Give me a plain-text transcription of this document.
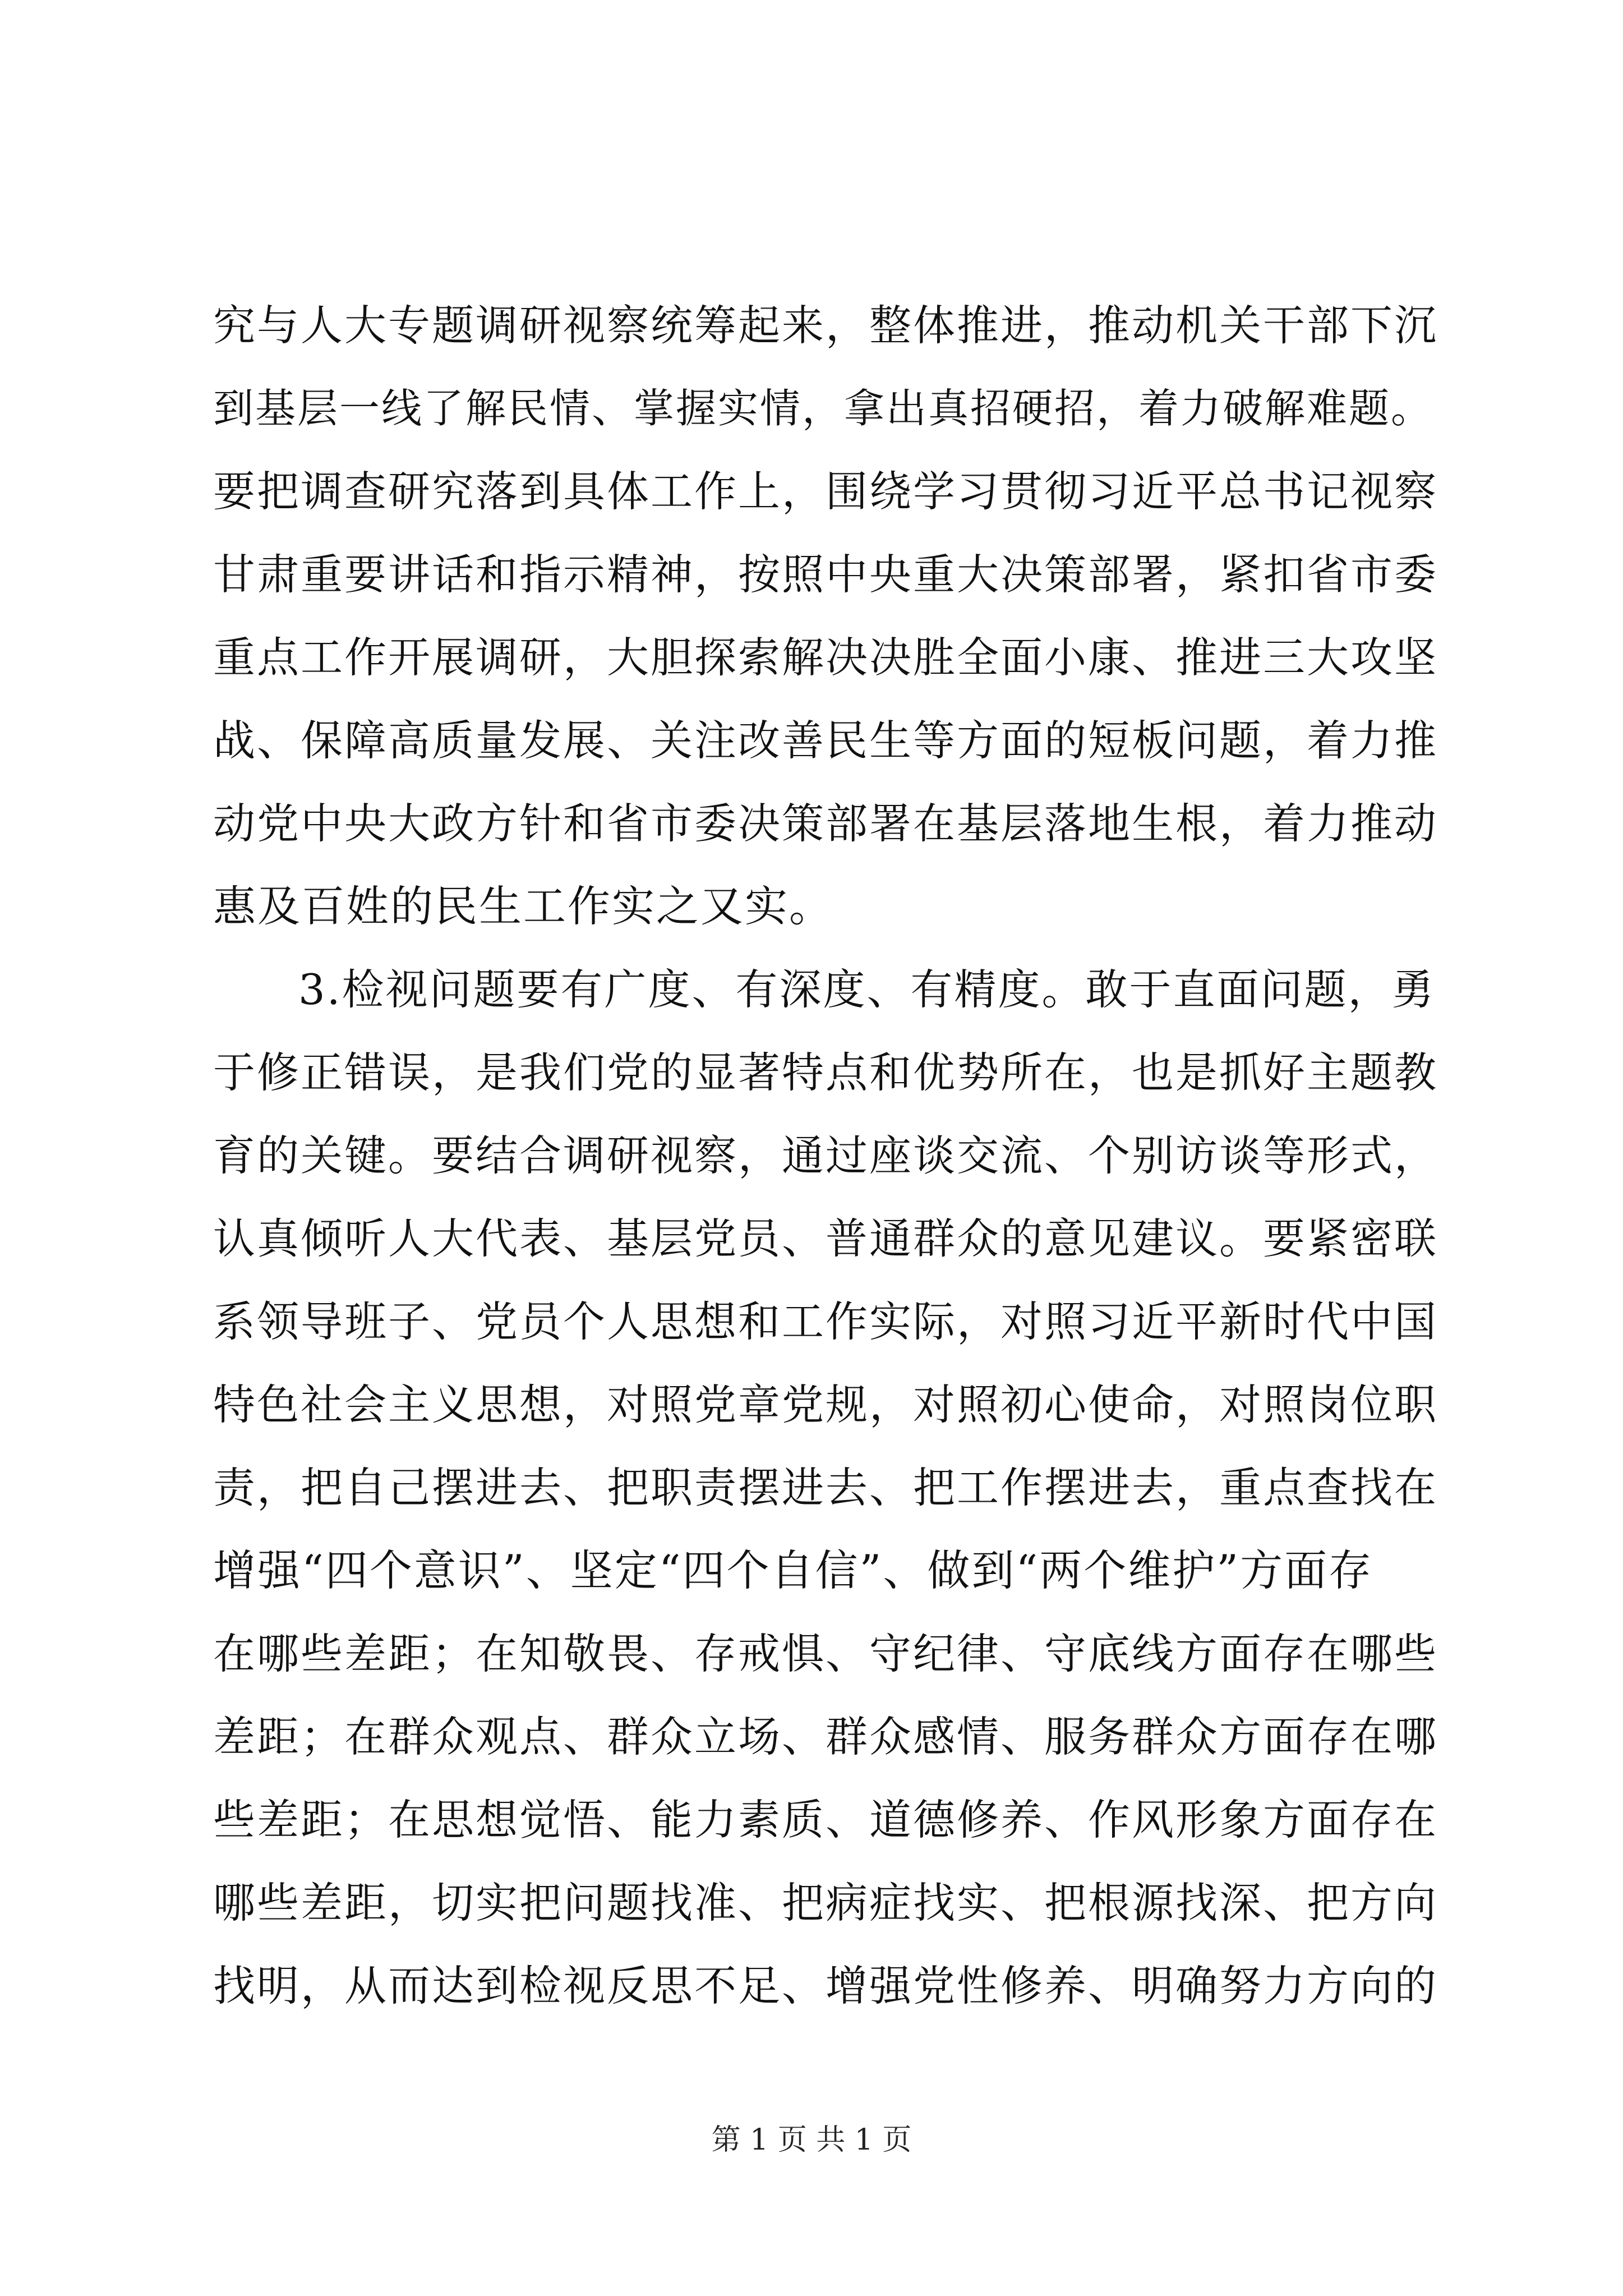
究与人大专题调研视察统筹起来，整体推进，推动机关干部下沉
到基层一线了解民情、掌握实情，拿出真招硬招，着力破解难题。
要把调查研究落到具体工作上，围绕学习贯彻习近平总书记视察
甘肃重要讲话和指示精神，按照中央重大决策部署，紧扣省市委
重点工作开展调研，大胆探索解决决胜全面小康、推进三大攻坚
战、保障高质量发展、关注改善民生等方面的短板问题，着力推
动党中央大政方针和省市委决策部署在基层落地生根，着力推动
惠及百姓的民生工作实之又实。
3.检视问题要有广度、有深度、有精度。敢于直面问题，勇
于修正错误，是我们党的显著特点和优势所在，也是抓好主题教
育的关键。要结合调研视察，通过座谈交流、个别访谈等形式，
认真倾听人大代表、基层党员、普通群众的意见建议。要紧密联
系领导班子、党员个人思想和工作实际，对照习近平新时代中国
特色社会主义思想，对照党章党规，对照初心使命，对照岗位职
责，把自己摆进去、把职责摆进去、把工作摆进去，重点查找在
增强“四个意识”、坚定“四个自信”、做到“两个维护”方面存
在哪些差距；在知敬畏、存戒惧、守纪律、守底线方面存在哪些
差距；在群众观点、群众立场、群众感情、服务群众方面存在哪
些差距；在思想觉悟、能力素质、道德修养、作风形象方面存在
哪些差距，切实把问题找准、把病症找实、把根源找深、把方向
找明，从而达到检视反思不足、增强党性修养、明确努力方向的
第 1 页 共 1 页
